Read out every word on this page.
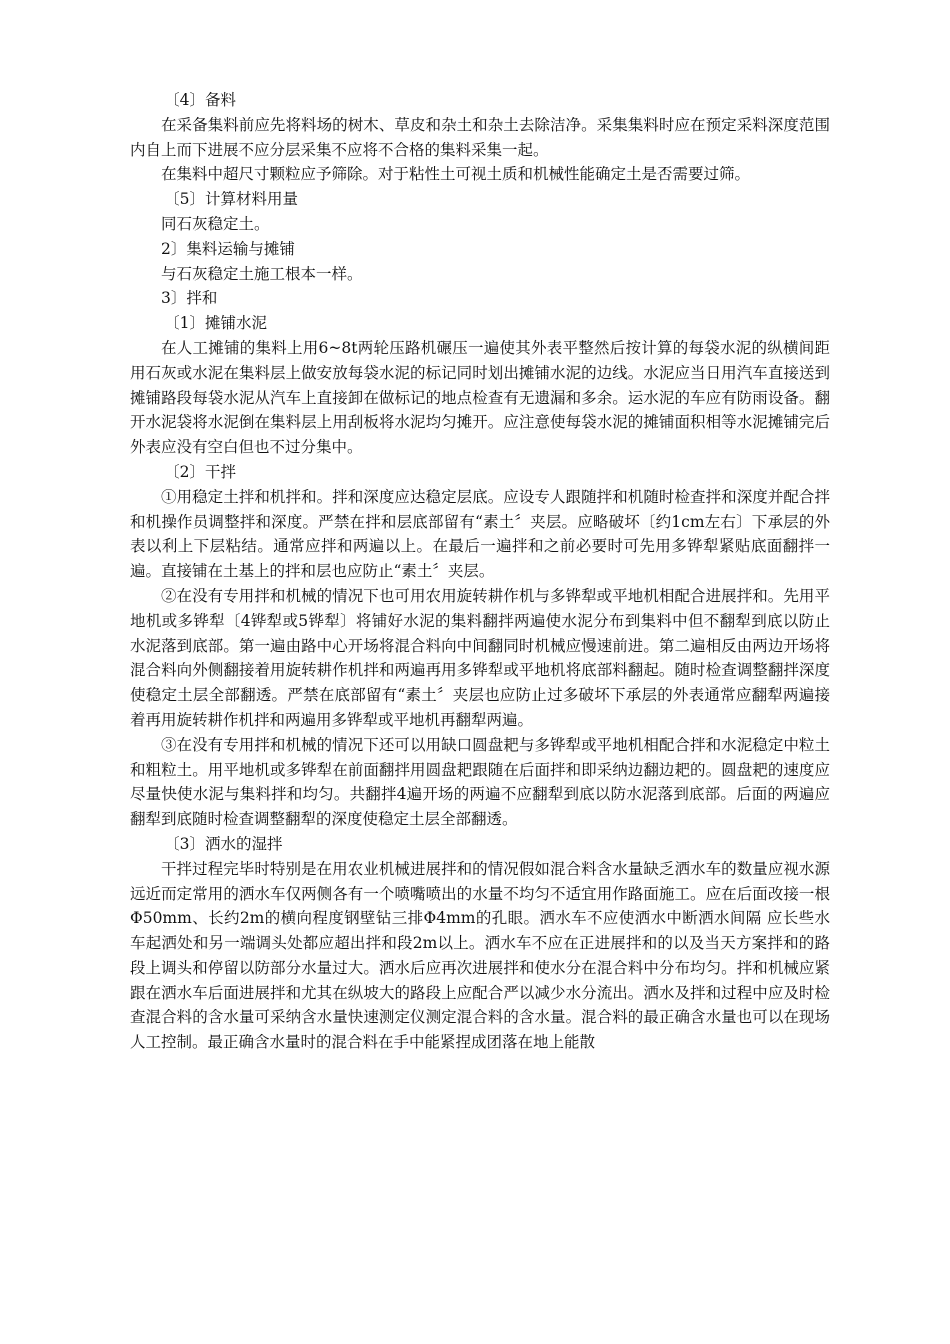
〔4〕备料

在采备集料前应先将料场的树木、草皮和杂土和杂土去除洁净。采集集料时应在预定采料深度范围内自上而下进展不应分层采集不应将不合格的集料采集一起。

在集料中超尺寸颗粒应予筛除。对于粘性土可视土质和机械性能确定土是否需要过筛。

〔5〕计算材料用量

同石灰稳定土。

2〕集料运输与摊铺

与石灰稳定土施工根本一样。

3〕拌和

〔1〕摊铺水泥

在人工摊铺的集料上用6~8t两轮压路机碾压一遍使其外表平整然后按计算的每袋水泥的纵横间距用石灰或水泥在集料层上做安放每袋水泥的标记同时划出摊铺水泥的边线。水泥应当日用汽车直接送到摊铺路段每袋水泥从汽车上直接卸在做标记的地点检查有无遗漏和多余。运水泥的车应有防雨设备。翻开水泥袋将水泥倒在集料层上用刮板将水泥均匀摊开。应注意使每袋水泥的摊铺面积相等水泥摊铺完后外表应没有空白但也不过分集中。

〔2〕干拌

①用稳定土拌和机拌和。拌和深度应达稳定层底。应设专人跟随拌和机随时检查拌和深度并配合拌和机操作员调整拌和深度。严禁在拌和层底部留有“素土〞夹层。应略破坏〔约1cm左右〕下承层的外表以利上下层粘结。通常应拌和两遍以上。在最后一遍拌和之前必要时可先用多铧犁紧贴底面翻拌一遍。直接铺在土基上的拌和层也应防止“素土〞夹层。

②在没有专用拌和机械的情况下也可用农用旋转耕作机与多铧犁或平地机相配合进展拌和。先用平地机或多铧犁〔4铧犁或5铧犁〕将铺好水泥的集料翻拌两遍使水泥分布到集料中但不翻犁到底以防止水泥落到底部。第一遍由路中心开场将混合料向中间翻同时机械应慢速前进。第二遍相反由两边开场将混合料向外侧翻接着用旋转耕作机拌和两遍再用多铧犁或平地机将底部料翻起。随时检查调整翻拌深度使稳定土层全部翻透。严禁在底部留有“素土〞夹层也应防止过多破坏下承层的外表通常应翻犁两遍接着再用旋转耕作机拌和两遍用多铧犁或平地机再翻犁两遍。

③在没有专用拌和机械的情况下还可以用缺口圆盘耙与多铧犁或平地机相配合拌和水泥稳定中粒土和粗粒土。用平地机或多铧犁在前面翻拌用圆盘耙跟随在后面拌和即采纳边翻边耙的。圆盘耙的速度应尽量快使水泥与集料拌和均匀。共翻拌4遍开场的两遍不应翻犁到底以防水泥落到底部。后面的两遍应翻犁到底随时检查调整翻犁的深度使稳定土层全部翻透。

〔3〕洒水的湿拌

干拌过程完毕时特别是在用农业机械进展拌和的情况假如混合料含水量缺乏洒水车的数量应视水源远近而定常用的洒水车仅两侧各有一个喷嘴喷出的水量不均匀不适宜用作路面施工。应在后面改接一根Φ50mm、长约2m的横向程度钢壁钻三排Φ4mm的孔眼。洒水车不应使洒水中断洒水间隔 应长些水车起洒处和另一端调头处都应超出拌和段2m以上。洒水车不应在正进展拌和的以及当天方案拌和的路段上调头和停留以防部分水量过大。洒水后应再次进展拌和使水分在混合料中分布均匀。拌和机械应紧跟在洒水车后面进展拌和尤其在纵坡大的路段上应配合严以减少水分流出。洒水及拌和过程中应及时检查混合料的含水量可采纳含水量快速测定仪测定混合料的含水量。混合料的最正确含水量也可以在现场人工控制。最正确含水量时的混合料在手中能紧捏成团落在地上能散
